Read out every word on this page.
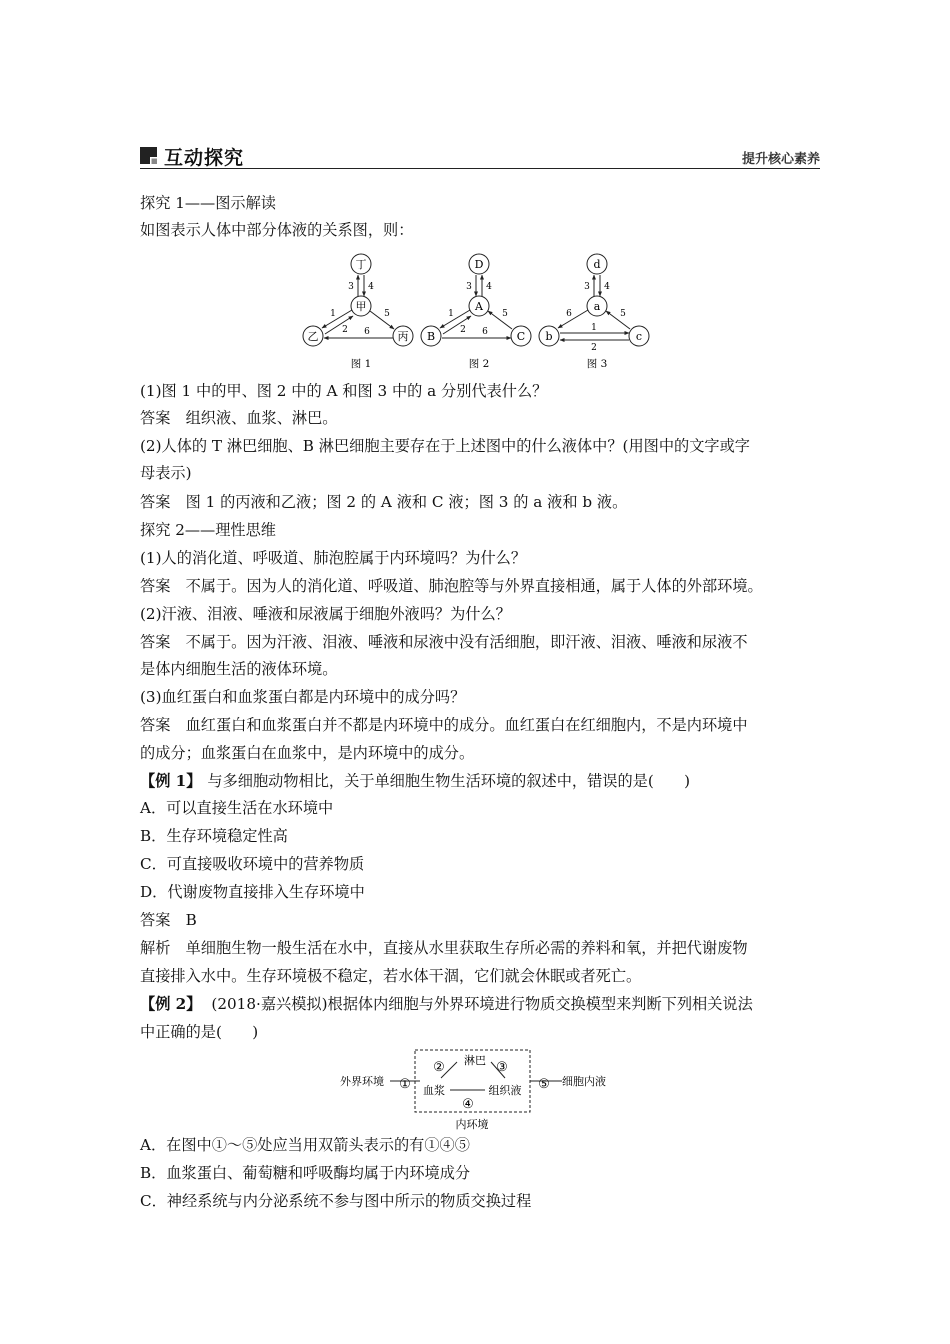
互动探究	提升核心素养
探究 1——图示解读
如图表示人体中部分体液的关系图，则：
丁
甲
乙	丙
3 4
1
2
5
6
图 1
D
A
B	C
3 4
1
2
5
6
图 2
d
a
b	c
3 4
6	5
1
2
图 3
(1)图 1 中的甲、图 2 中的 A 和图 3 中的 a 分别代表什么？
答案　组织液、血浆、淋巴。
(2)人体的 T 淋巴细胞、B 淋巴细胞主要存在于上述图中的什么液体中？(用图中的文字或字
母表示)
答案　图 1 的丙液和乙液；图 2 的 A 液和 C 液；图 3 的 a 液和 b 液。
探究 2——理性思维
(1)人的消化道、呼吸道、肺泡腔属于内环境吗？为什么？
答案　不属于。因为人的消化道、呼吸道、肺泡腔等与外界直接相通，属于人体的外部环境。
(2)汗液、泪液、唾液和尿液属于细胞外液吗？为什么？
答案　不属于。因为汗液、泪液、唾液和尿液中没有活细胞，即汗液、泪液、唾液和尿液不
是体内细胞生活的液体环境。
(3)血红蛋白和血浆蛋白都是内环境中的成分吗？
答案　血红蛋白和血浆蛋白并不都是内环境中的成分。血红蛋白在红细胞内，不是内环境中
的成分；血浆蛋白在血浆中，是内环境中的成分。
【例 1】 与多细胞动物相比，关于单细胞生物生活环境的叙述中，错误的是(　　)
A．可以直接生活在水环境中
B．生存环境稳定性高
C．可直接吸收环境中的营养物质
D．代谢废物直接排入生存环境中
答案　B
解析　单细胞生物一般生活在水中，直接从水里获取生存所必需的养料和氧，并把代谢废物
直接排入水中。生存环境极不稳定，若水体干涸，它们就会休眠或者死亡。
【例 2】 (2018·嘉兴模拟)根据体内细胞与外界环境进行物质交换模型来判断下列相关说法
中正确的是(　　)
外界环境 ①
淋巴
②	③
血浆	组织液
④
⑤ 细胞内液
内环境
A．在图中①～⑤处应当用双箭头表示的有①④⑤
B．血浆蛋白、葡萄糖和呼吸酶均属于内环境成分
C．神经系统与内分泌系统不参与图中所示的物质交换过程
